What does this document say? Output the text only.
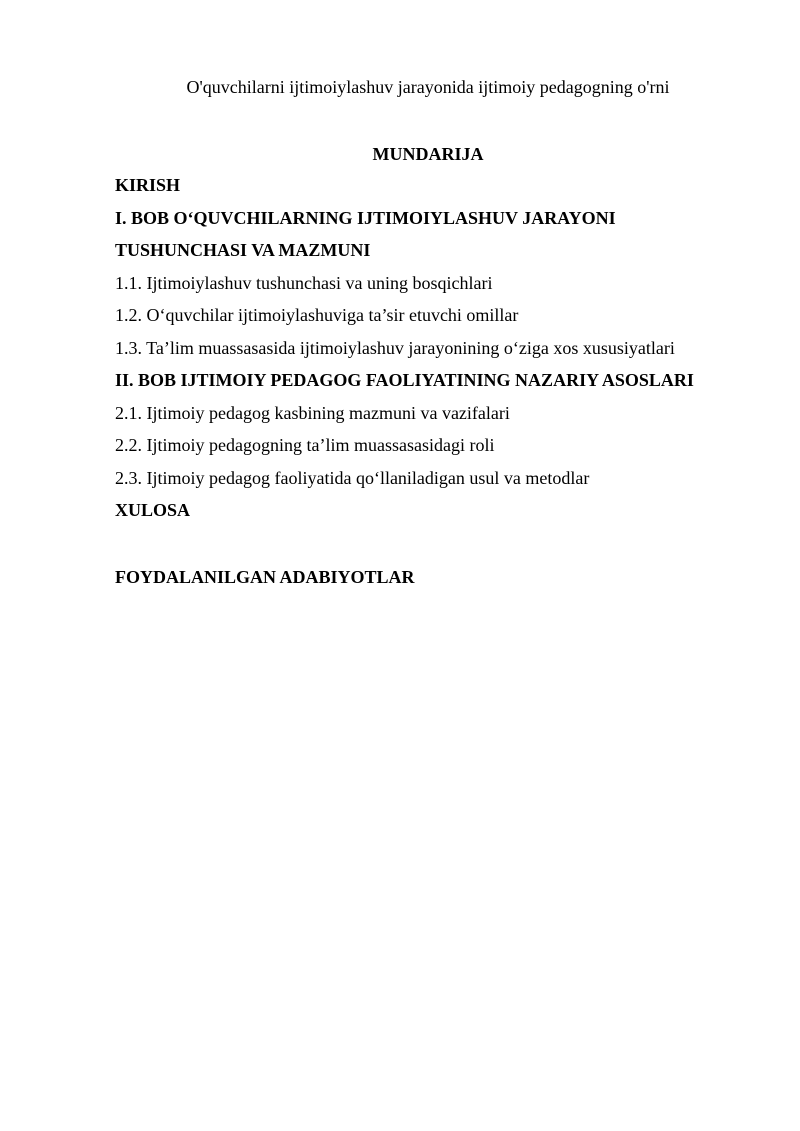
O'quvchilarni ijtimoiylashuv jarayonida ijtimoiy pedagogning o'rni
MUNDARIJA
KIRISH
I. BOB O‘QUVCHILARNING IJTIMOIYLASHUV JARAYONI
TUSHUNCHASI VA MAZMUNI
1.1. Ijtimoiylashuv tushunchasi va uning bosqichlari
1.2. O‘quvchilar ijtimoiylashuviga ta’sir etuvchi omillar
1.3. Ta’lim muassasasida ijtimoiylashuv jarayonining o‘ziga xos xususiyatlari
II. BOB IJTIMOIY PEDAGOG FAOLIYATINING NAZARIY ASOSLARI
2.1. Ijtimoiy pedagog kasbining mazmuni va vazifalari
2.2. Ijtimoiy pedagogning ta’lim muassasasidagi roli
2.3. Ijtimoiy pedagog faoliyatida qo‘llaniladigan usul va metodlar
XULOSA
FOYDALANILGAN ADABIYOTLAR
